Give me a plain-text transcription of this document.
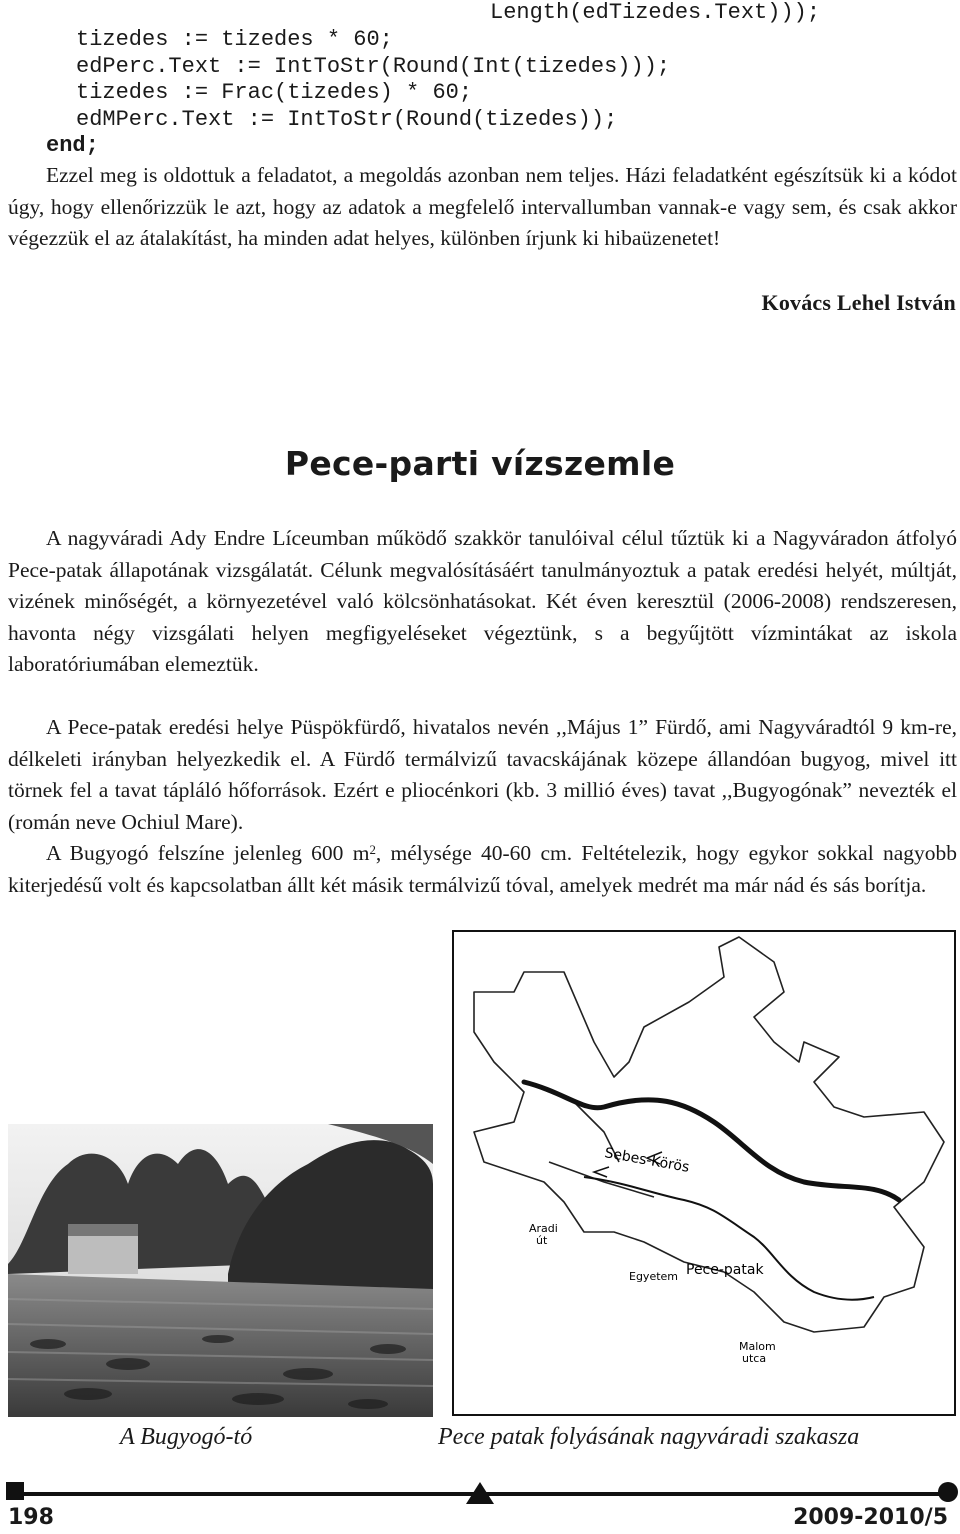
Length(edTizedes.Text)));
tizedes := tizedes * 60;
edPerc.Text := IntToStr(Round(Int(tizedes)));
tizedes := Frac(tizedes) * 60;
edMPerc.Text := IntToStr(Round(tizedes));
end;
Ezzel meg is oldottuk a feladatot, a megoldás azonban nem teljes. Házi feladatként egészítsük ki a kódot úgy, hogy ellenőrizzük le azt, hogy az adatok a megfelelő intervallumban vannak-e vagy sem, és csak akkor végezzük el az átalakítást, ha minden adat helyes, különben írjunk ki hibaüzenetet!
Kovács Lehel István
Pece-parti vízszemle
A nagyváradi Ady Endre Líceumban működő szakkör tanulóival célul tűztük ki a Nagyváradon átfolyó Pece-patak állapotának vizsgálatát. Célunk megvalósításáért tanulmányoztuk a patak eredési helyét, múltját, vizének minőségét, a környezetével való kölcsönhatásokat. Két éven keresztül (2006-2008) rendszeresen, havonta négy vizsgálati helyen megfigyeléseket végeztünk, s a begyűjtött vízmintákat az iskola laboratóriumában elemeztük.
A Pece-patak eredési helye Püspökfürdő, hivatalos nevén ,,Május 1” Fürdő, ami Nagyváradtól 9 km-re, délkeleti irányban helyezkedik el. A Fürdő termálvizű tavacskájának közepe állandóan bugyog, mivel itt törnek fel a tavat tápláló hőforrások. Ezért e pliocénkori (kb. 3 millió éves) tavat ,,Bugyogónak” nevezték el (román neve Ochiul Mare).
A Bugyogó felszíne jelenleg 600 $m^2$, mélysége 40-60 cm. Feltételezik, hogy egykor sokkal nagyobb kiterjedésű volt és kapcsolatban állt két másik termálvizű tóval, amelyek medrét ma már nád és sás borítja.
Sebes-Körös
Pece-patak
Aradi
út
Egyetem
Malom
utca
A Bugyogó-tó	Pece patak folyásának nagyváradi szakasza
198	2009-2010/5
